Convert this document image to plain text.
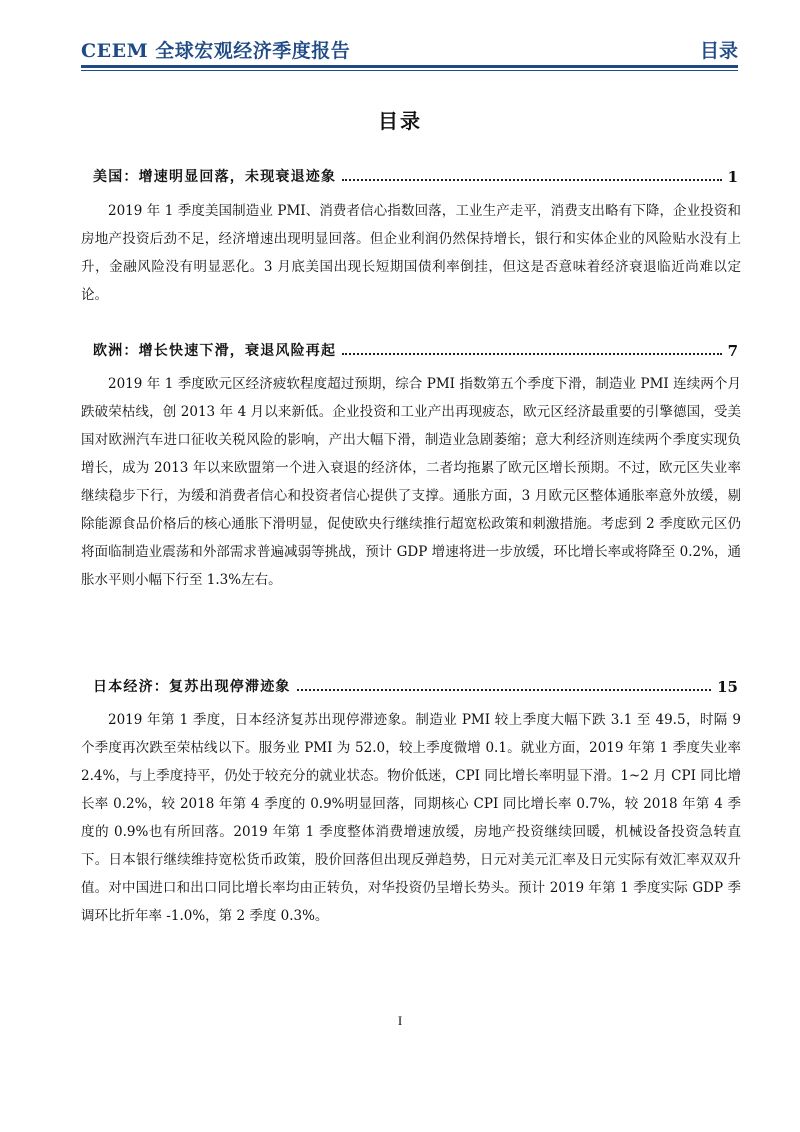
CEEM 全球宏观经济季度报告	目录
目录
美国：增速明显回落，未现衰退迹象	1

2019 年 1 季度美国制造业 PMI、消费者信心指数回落，工业生产走平，消费支出略有下降，企业投资和房地产投资后劲不足，经济增速出现明显回落。但企业利润仍然保持增长，银行和实体企业的风险贴水没有上升，金融风险没有明显恶化。3 月底美国出现长短期国债利率倒挂，但这是否意味着经济衰退临近尚难以定论。

欧洲：增长快速下滑，衰退风险再起	7

2019 年 1 季度欧元区经济疲软程度超过预期，综合 PMI 指数第五个季度下滑，制造业 PMI 连续两个月跌破荣枯线，创 2013 年 4 月以来新低。企业投资和工业产出再现疲态，欧元区经济最重要的引擎德国，受美国对欧洲汽车进口征收关税风险的影响，产出大幅下滑，制造业急剧萎缩；意大利经济则连续两个季度实现负增长，成为 2013 年以来欧盟第一个进入衰退的经济体，二者均拖累了欧元区增长预期。不过，欧元区失业率继续稳步下行，为缓和消费者信心和投资者信心提供了支撑。通胀方面，3 月欧元区整体通胀率意外放缓，剔除能源食品价格后的核心通胀下滑明显，促使欧央行继续推行超宽松政策和刺激措施。考虑到 2 季度欧元区仍将面临制造业震荡和外部需求普遍减弱等挑战，预计 GDP 增速将进一步放缓，环比增长率或将降至 0.2%，通胀水平则小幅下行至 1.3%左右。

日本经济：复苏出现停滞迹象	15

2019 年第 1 季度，日本经济复苏出现停滞迹象。制造业 PMI 较上季度大幅下跌 3.1 至 49.5，时隔 9 个季度再次跌至荣枯线以下。服务业 PMI 为 52.0，较上季度微增 0.1。就业方面，2019 年第 1 季度失业率 2.4%，与上季度持平，仍处于较充分的就业状态。物价低迷，CPI 同比增长率明显下滑。1~2 月 CPI 同比增长率 0.2%，较 2018 年第 4 季度的 0.9%明显回落，同期核心 CPI 同比增长率 0.7%，较 2018 年第 4 季度的 0.9%也有所回落。2019 年第 1 季度整体消费增速放缓，房地产投资继续回暖，机械设备投资急转直下。日本银行继续维持宽松货币政策，股价回落但出现反弹趋势，日元对美元汇率及日元实际有效汇率双双升值。对中国进口和出口同比增长率均由正转负，对华投资仍呈增长势头。预计 2019 年第 1 季度实际 GDP 季调环比折年率 -1.0%，第 2 季度 0.3%。

I
